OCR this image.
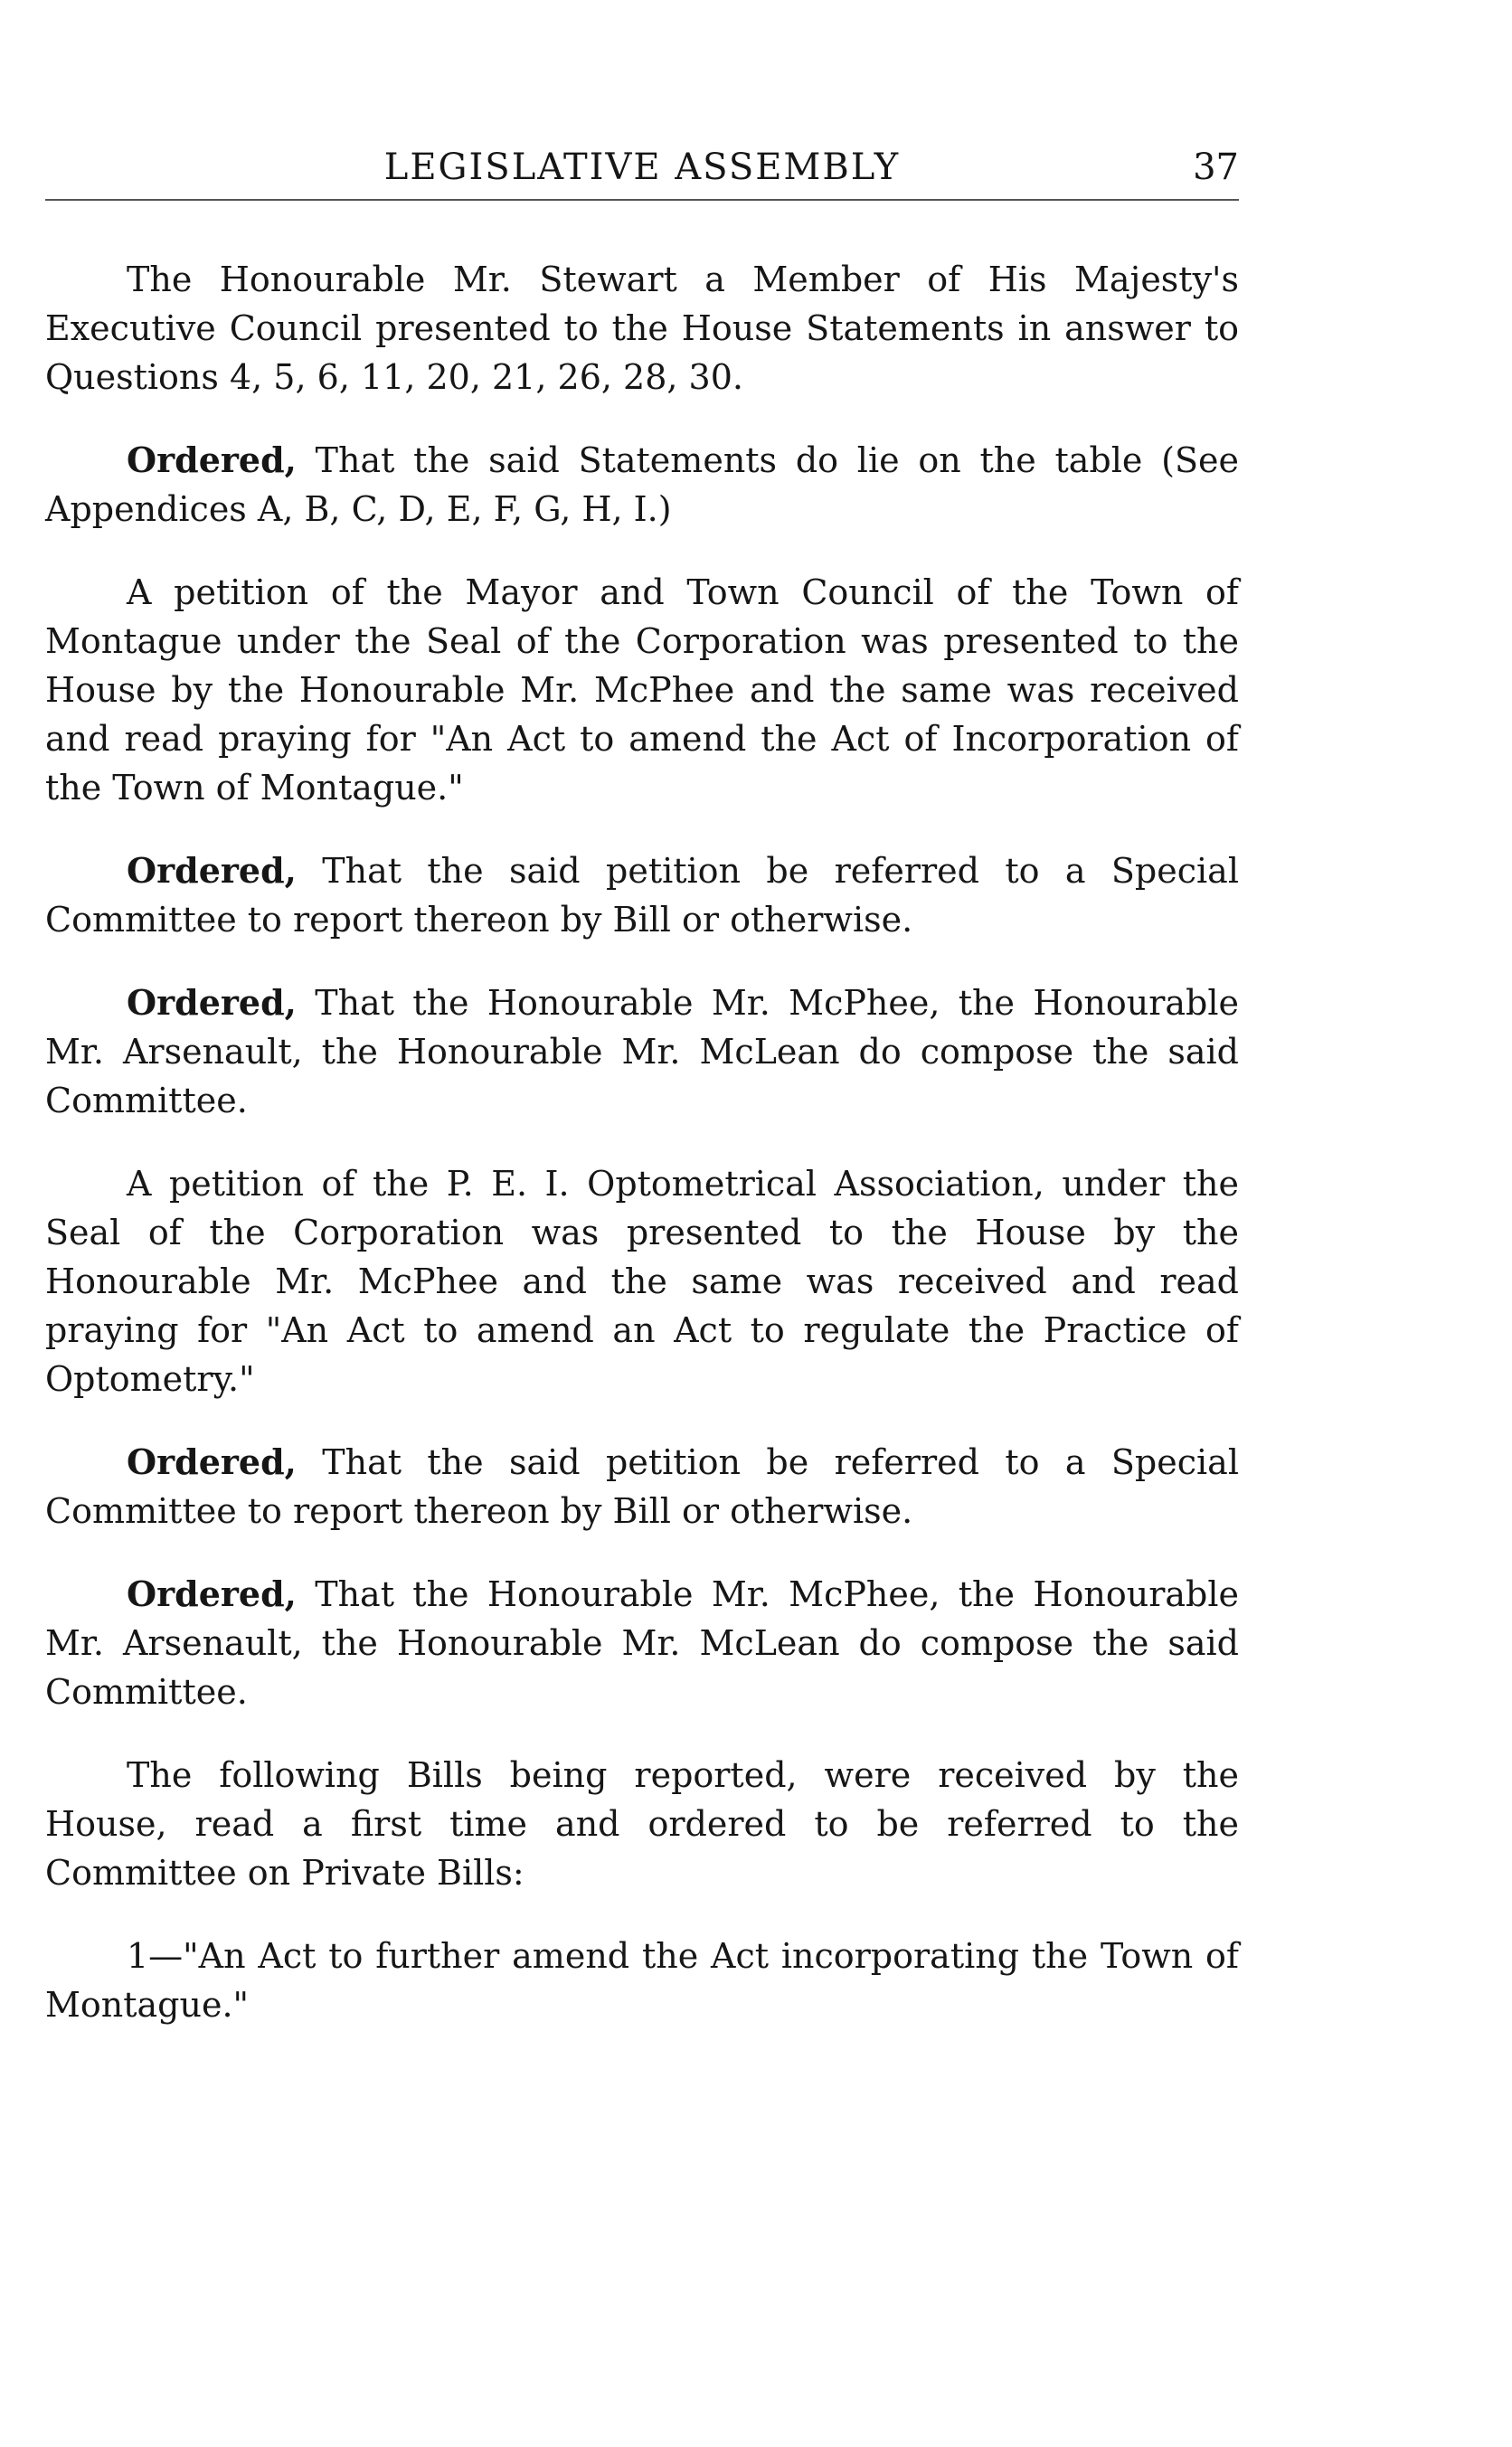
LEGISLATIVE ASSEMBLY	37

The Honourable Mr. Stewart a Member of His Majesty's Executive Council presented to the House Statements in answer to Questions 4, 5, 6, 11, 20, 21, 26, 28, 30.

Ordered, That the said Statements do lie on the table (See Appendices A, B, C, D, E, F, G, H, I.)

A petition of the Mayor and Town Council of the Town of Montague under the Seal of the Corporation was presented to the House by the Honourable Mr. McPhee and the same was received and read praying for "An Act to amend the Act of Incorporation of the Town of Montague."

Ordered, That the said petition be referred to a Special Committee to report thereon by Bill or otherwise.

Ordered, That the Honourable Mr. McPhee, the Honourable Mr. Arsenault, the Honourable Mr. McLean do compose the said Committee.

A petition of the P. E. I. Optometrical Association, under the Seal of the Corporation was presented to the House by the Honourable Mr. McPhee and the same was received and read praying for "An Act to amend an Act to regulate the Practice of Optometry."

Ordered, That the said petition be referred to a Special Committee to report thereon by Bill or otherwise.

Ordered, That the Honourable Mr. McPhee, the Honourable Mr. Arsenault, the Honourable Mr. McLean do compose the said Committee.

The following Bills being reported, were received by the House, read a first time and ordered to be referred to the Committee on Private Bills:

1—"An Act to further amend the Act incorporating the Town of Montague."
